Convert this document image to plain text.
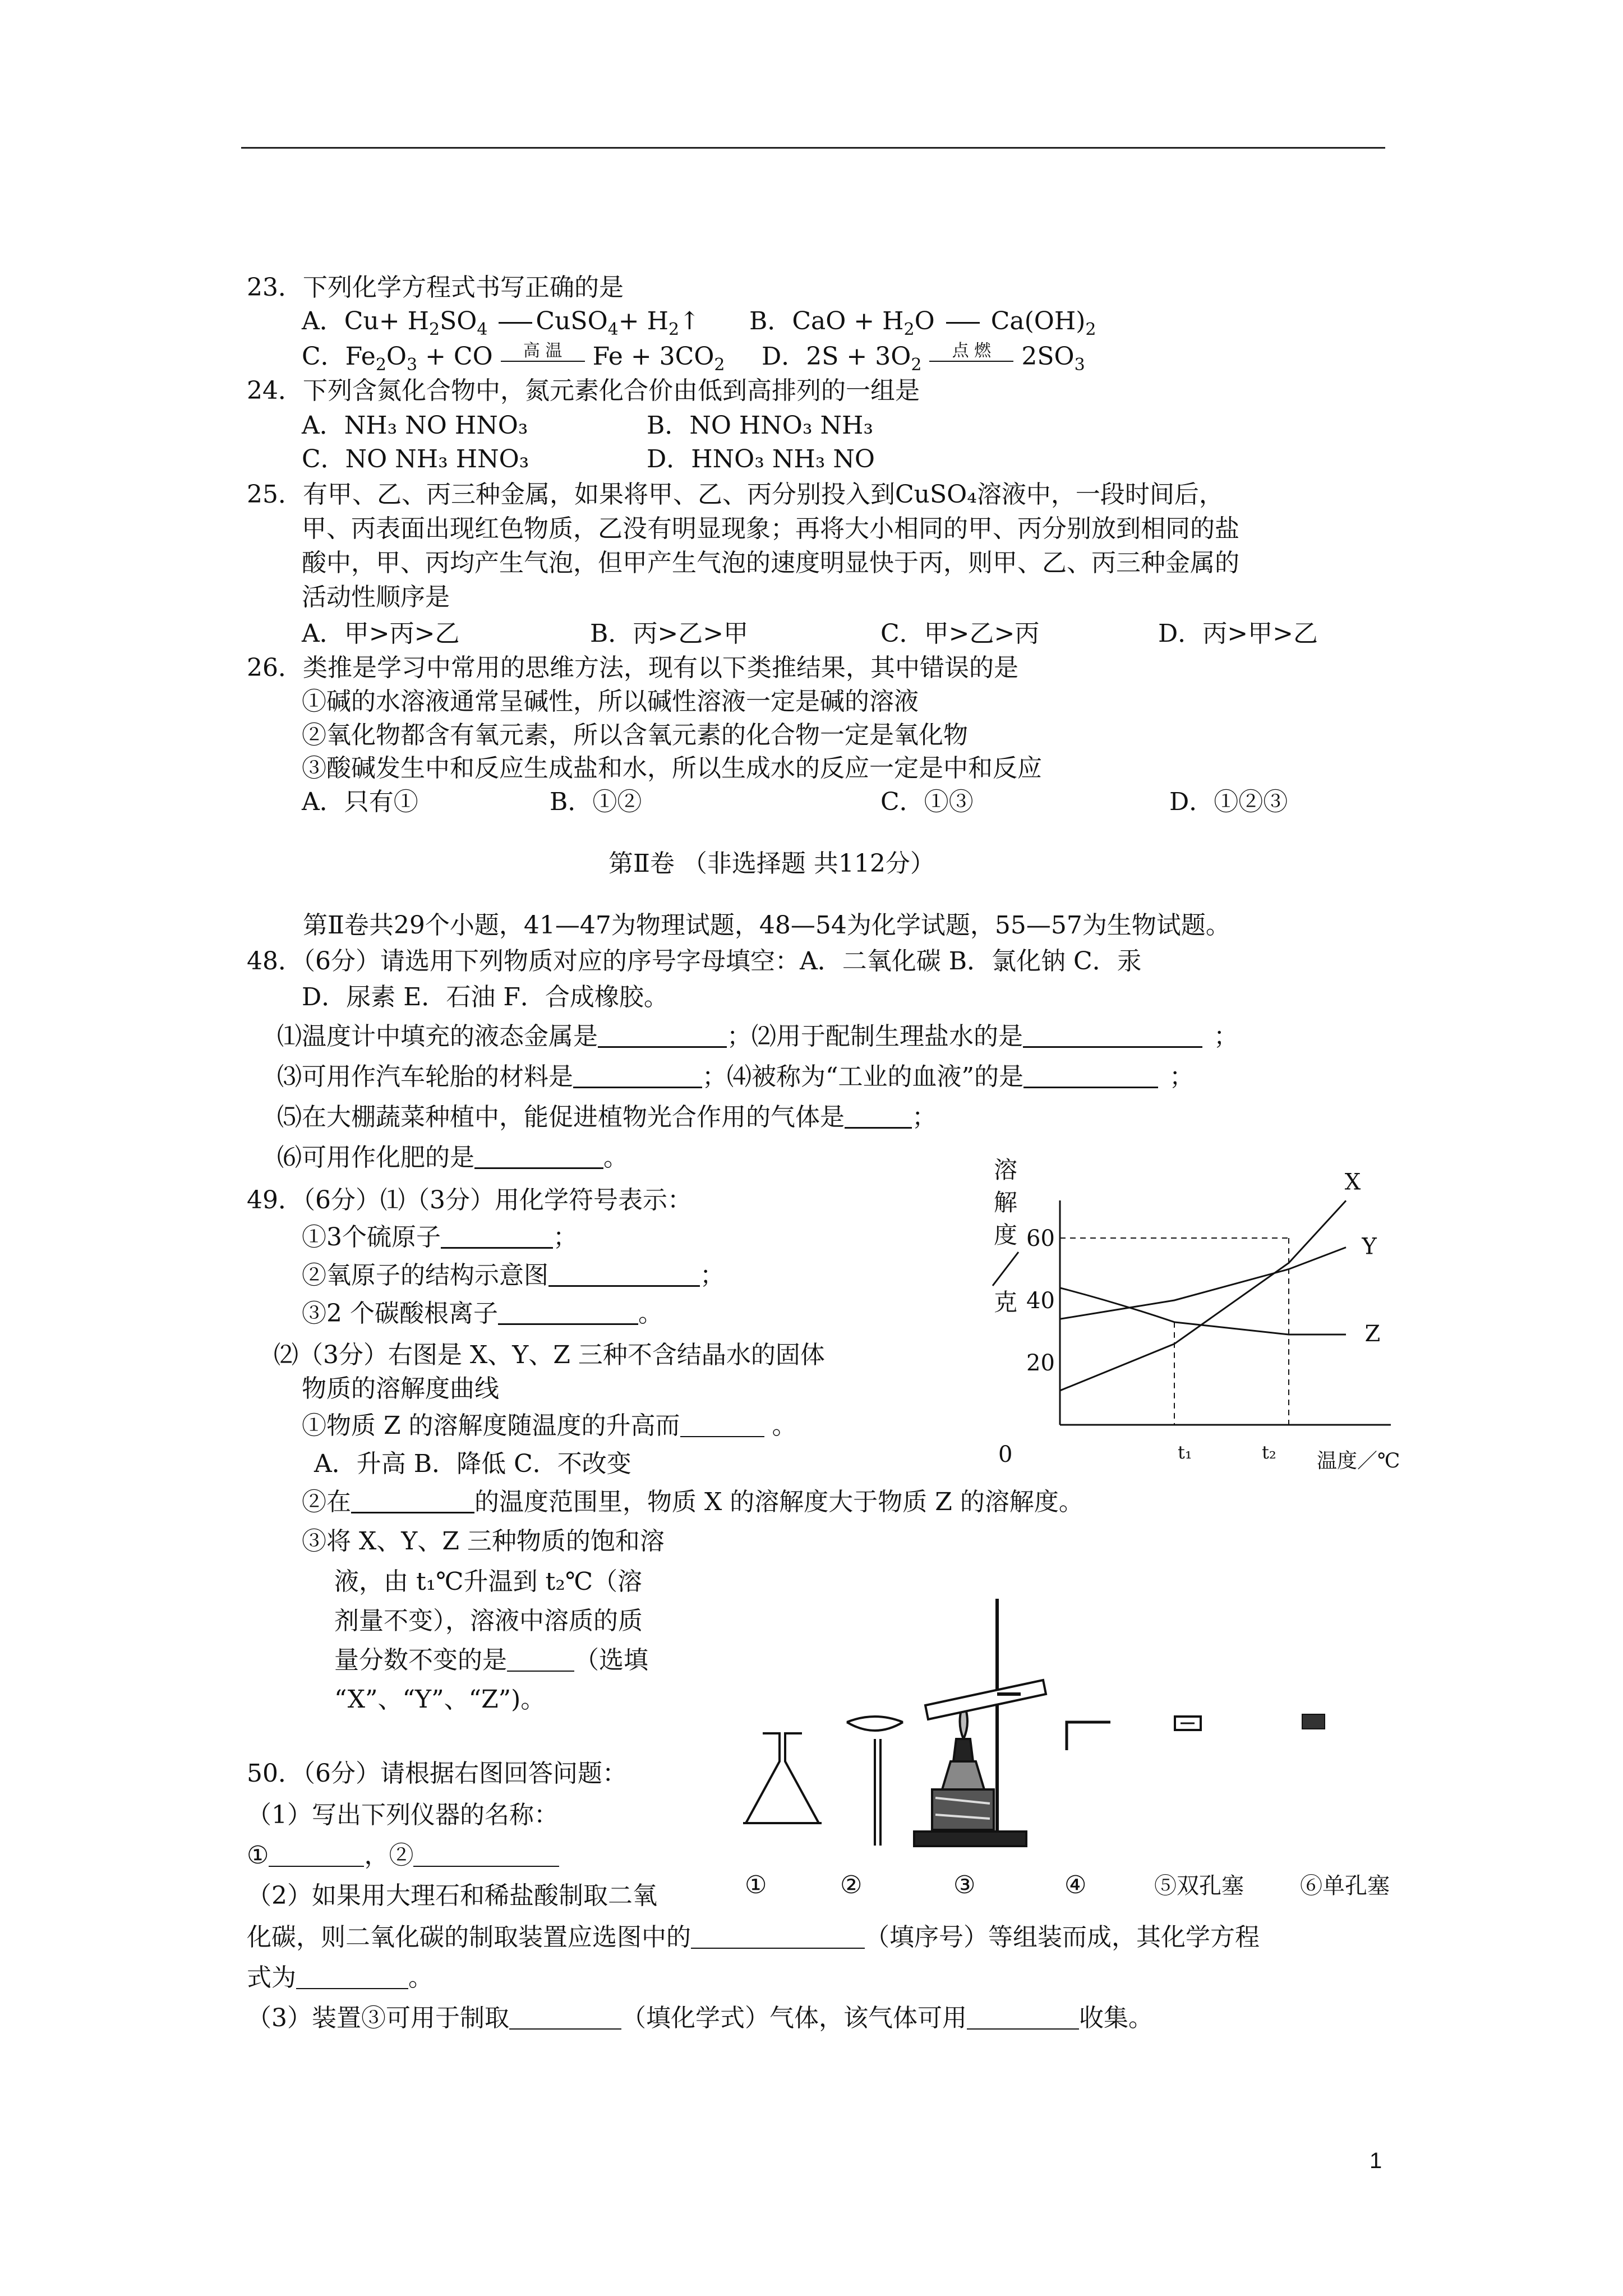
23．下列化学方程式书写正确的是
A．$Cu+ H_2SO_4$ CuSO$_4$+ $H_2↑$ B．CaO + $H_2O$ $Ca(OH)_2$
C．$Fe_2O_3$ + CO	高 温	$Fe + 3CO_2$ D．$2S + 3O_2$
点 燃	$2SO_3$
24．下列含氮化合物中，氮元素化合价由低到高排列的一组是
A．NH₃ NO HNO₃	B．NO HNO₃ NH₃
C．NO NH₃ HNO₃	D．HNO₃ NH₃ NO
25．有甲、乙、丙三种金属，如果将甲、乙、丙分别投入到CuSO₄溶液中，一段时间后，
甲、丙表面出现红色物质，乙没有明显现象；再将大小相同的甲、丙分别放到相同的盐
酸中，甲、丙均产生气泡，但甲产生气泡的速度明显快于丙，则甲、乙、丙三种金属的
活动性顺序是
A．甲>丙>乙	B．丙>乙>甲	C．甲>乙>丙	D．丙>甲>乙
26．类推是学习中常用的思维方法，现有以下类推结果，其中错误的是
①碱的水溶液通常呈碱性，所以碱性溶液一定是碱的溶液
②氧化物都含有氧元素，所以含氧元素的化合物一定是氧化物
③酸碱发生中和反应生成盐和水，所以生成水的反应一定是中和反应
A．只有①	B．①②	C．①③	D．①②③
第Ⅱ卷 （非选择题 共112分）
第Ⅱ卷共29个小题，41—47为物理试题，48—54为化学试题，55—57为生物试题。
48．（6分）请选用下列物质对应的序号字母填空：A．二氧化碳 B．氯化钠 C．汞
D．尿素 E．石油 F．合成橡胶。
⑴温度计中填充的液态金属是	；⑵用于配制生理盐水的是	；
⑶可用作汽车轮胎的材料是	；⑷被称为“工业的血液”的是	；
⑸在大棚蔬菜种植中，能促进植物光合作用的气体是	；
⑹可用作化肥的是	。
49．（6分）⑴（3分）用化学符号表示：
①3个硫原子	；
②氧原子的结构示意图	；
③2 个碳酸根离子	。
⑵（3分）右图是 X、Y、Z 三种不含结晶水的固体
物质的溶解度曲线
①物质 Z 的溶解度随温度的升高而	。
A．升高 B．降低 C．不改变
②在	的温度范围里，物质 X 的溶解度大于物质 Z 的溶解度。
③将 X、Y、Z 三种物质的饱和溶
液，由 t₁℃升温到 t₂℃（溶
剂量不变），溶液中溶质的质
量分数不变的是	（选填
“X”、“Y”、“Z”)。
50．（6分）请根据右图回答问题：
（1）写出下列仪器的名称：
①	，②
（2）如果用大理石和稀盐酸制取二氧
化碳，则二氧化碳的制取装置应选图中的	（填序号）等组装而成，其化学方程
式为	。
（3）装置③可用于制取	（填化学式）气体，该气体可用	收集。
X
Y
Z
60
40
20
溶
解
度
克
0	t₁	t₂ 温度／℃
①	②	③	④	⑤双孔塞	⑥单孔塞
1
